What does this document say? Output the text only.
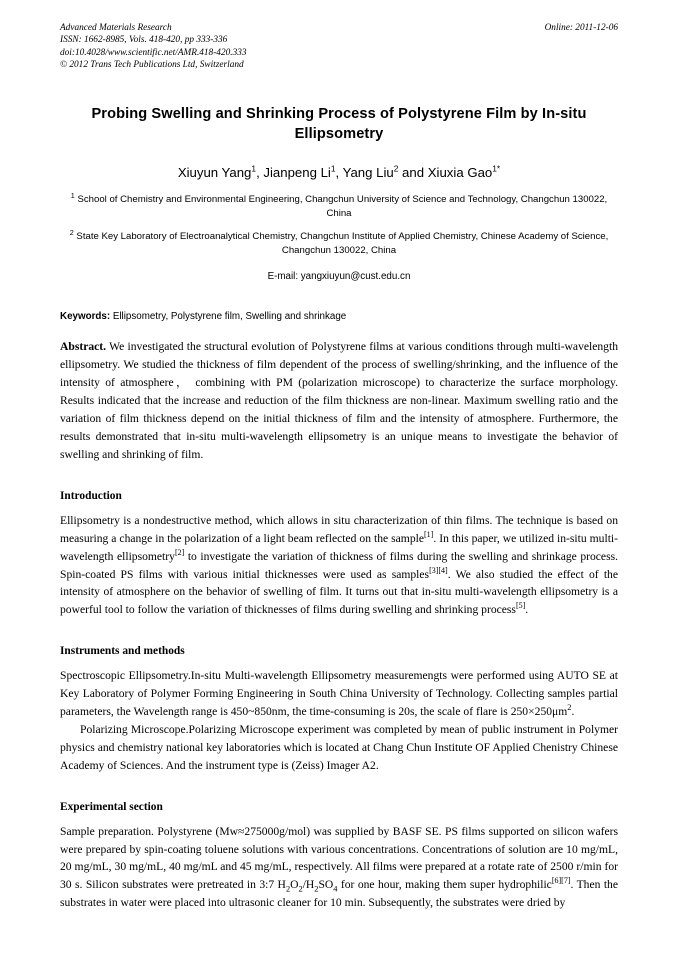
Advanced Materials Research
ISSN: 1662-8985, Vols. 418-420, pp 333-336
doi:10.4028/www.scientific.net/AMR.418-420.333
© 2012 Trans Tech Publications Ltd, Switzerland
Online: 2011-12-06
Probing Swelling and Shrinking Process of Polystyrene Film by In-situ Ellipsometry
Xiuyun Yang$^1$, Jianpeng Li$^1$, Yang Liu$^2$ and Xiuxia Gao$^{1*}$
$^1$ School of Chemistry and Environmental Engineering, Changchun University of Science and Technology, Changchun 130022, China
$^2$ State Key Laboratory of Electroanalytical Chemistry, Changchun Institute of Applied Chemistry, Chinese Academy of Science, Changchun 130022, China
E-mail: yangxiuyun@cust.edu.cn
Keywords: Ellipsometry, Polystyrene film, Swelling and shrinkage
Abstract. We investigated the structural evolution of Polystyrene films at various conditions through multi-wavelength ellipsometry. We studied the thickness of film dependent of the process of swelling/shrinking, and the influence of the intensity of atmosphere， combining with PM (polarization microscope) to characterize the surface morphology. Results indicated that the increase and reduction of the film thickness are non-linear. Maximum swelling ratio and the variation of film thickness depend on the initial thickness of film and the intensity of atmosphere. Furthermore, the results demonstrated that in-situ multi-wavelength ellipsometry is an unique means to investigate the behavior of swelling and shrinking of film.
Introduction

Ellipsometry is a nondestructive method, which allows in situ characterization of thin films. The technique is based on measuring a change in the polarization of a light beam reflected on the sample[1]. In this paper, we utilized in-situ multi-wavelength ellipsometry[2] to investigate the variation of thickness of films during the swelling and shrinkage process. Spin-coated PS films with various initial thicknesses were used as samples[3][4]. We also studied the effect of the intensity of atmosphere on the behavior of swelling of film. It turns out that in-situ multi-wavelength ellipsometry is a powerful tool to follow the variation of thicknesses of films during swelling and shrinking process[5].

Instruments and methods

Spectroscopic Ellipsometry.In-situ Multi-wavelength Ellipsometry measuremengts were performed using AUTO SE at Key Laboratory of Polymer Forming Engineering in South China University of Technology. Collecting samples partial parameters, the Wavelength range is 450~850nm, the time-consuming is 20s, the scale of flare is $250\times 250\mu m^2$.

Polarizing Microscope.Polarizing Microscope experiment was completed by mean of public instrument in Polymer physics and chemistry national key laboratories which is located at Chang Chun Institute OF Applied Chenistry Chinese Academy of Sciences. And the instrument type is (Zeiss) Imager A2.

Experimental section

Sample preparation. Polystyrene (Mw≈275000g/mol) was supplied by BASF SE. PS films supported on silicon wafers were prepared by spin-coating toluene solutions with various concentrations. Concentrations of solution are 10 mg/mL, 20 mg/mL, 30 mg/mL, 40 mg/mL and 45 mg/mL, respectively. All films were prepared at a rotate rate of 2500 r/min for 30 s. Silicon substrates were pretreated in 3:7 $H_2O_2/H_2SO_4$ for one hour, making them super hydrophilic[6][7]. Then the substrates in water were placed into ultrasonic cleaner for 10 min. Subsequently, the substrates were dried by
